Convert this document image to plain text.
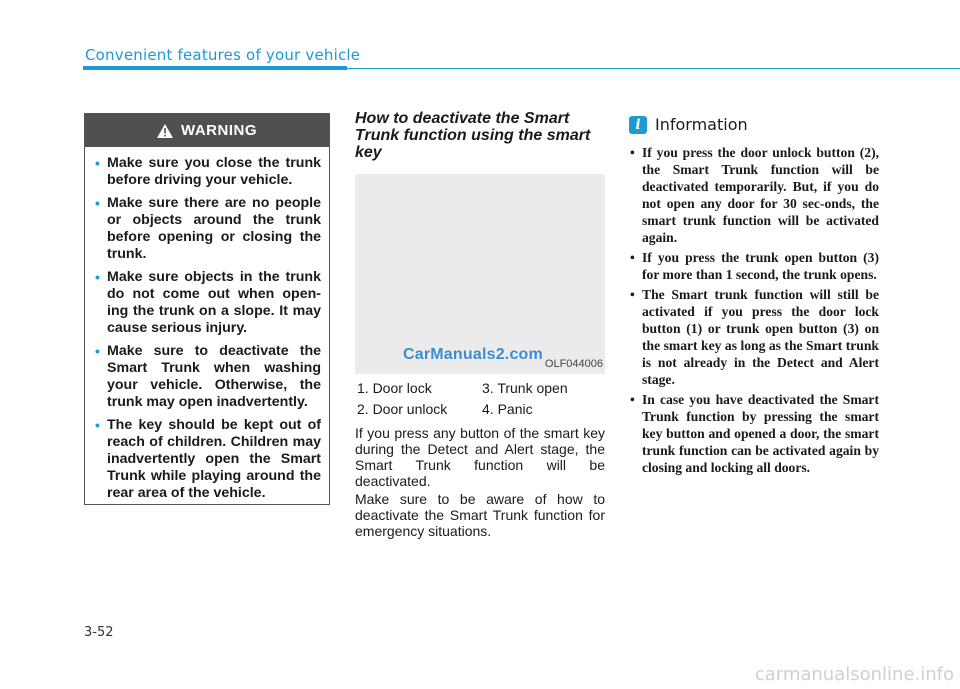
Convenient features of your vehicle
WARNING
• Make sure you close the trunk before driving your vehicle.
• Make sure there are no people or objects around the trunk before opening or closing the trunk.
• Make sure objects in the trunk do not come out when open-ing the trunk on a slope. It may cause serious injury.
• Make sure to deactivate the Smart Trunk when washing your vehicle. Otherwise, the trunk may open inadvertently.
• The key should be kept out of reach of children. Children may inadvertently open the Smart Trunk while playing around the rear area of the vehicle.
How to deactivate the Smart Trunk function using the smart key
CarManuals2.com
OLF044006
1. Door lock	3. Trunk open
2. Door unlock	4. Panic

If you press any button of the smart key during the Detect and Alert stage, the Smart Trunk function will be deactivated.

Make sure to be aware of how to deactivate the Smart Trunk function for emergency situations.

i Information
• If you press the door unlock button (2), the Smart Trunk function will be deactivated temporarily. But, if you do not open any door for 30 sec-onds, the smart trunk function will be activated again.
• If you press the trunk open button (3) for more than 1 second, the trunk opens.
• The Smart trunk function will still be activated if you press the door lock button (1) or trunk open button (3) on the smart key as long as the Smart trunk is not already in the Detect and Alert stage.
• In case you have deactivated the Smart Trunk function by pressing the smart key button and opened a door, the smart trunk function can be activated again by closing and locking all doors.
3-52
carmanualsonline.info
